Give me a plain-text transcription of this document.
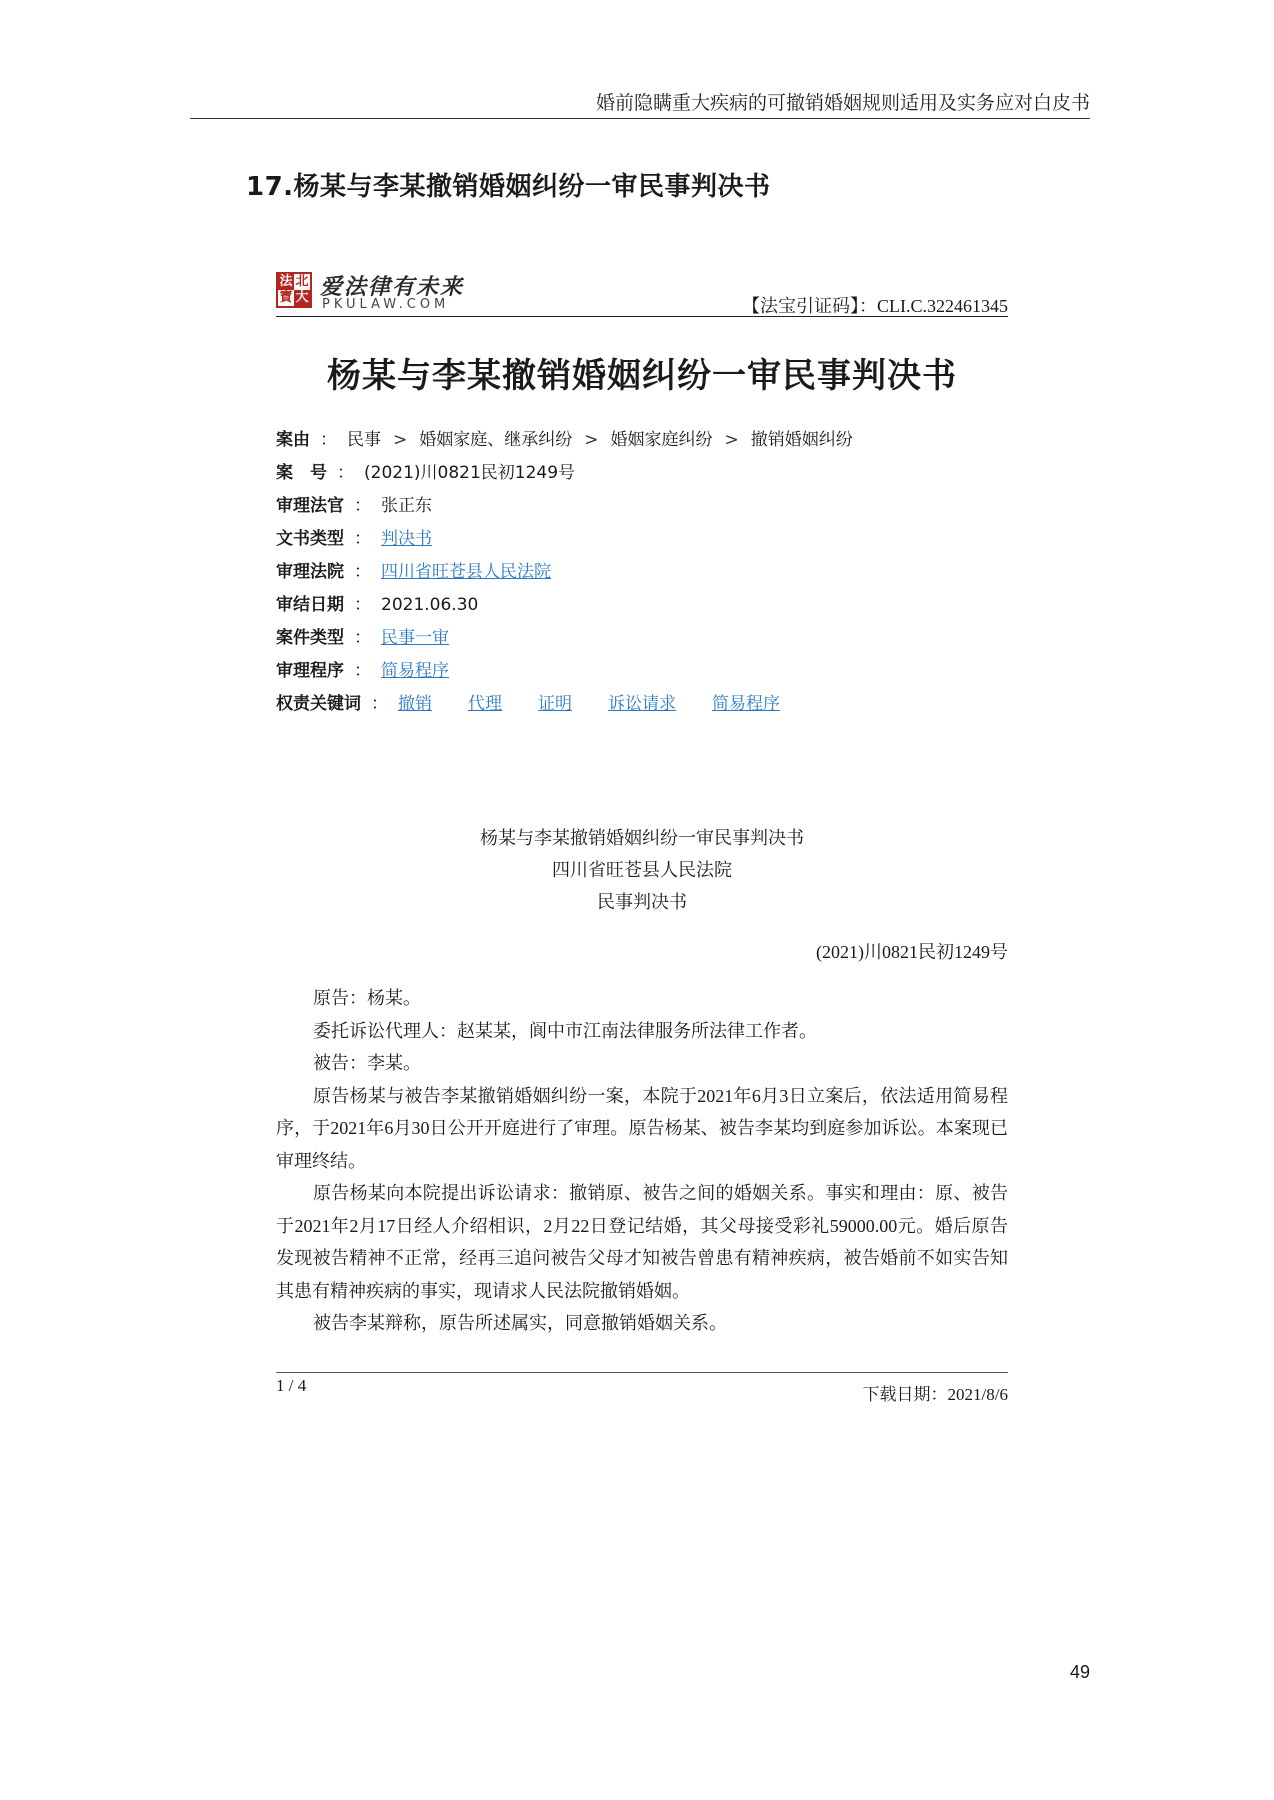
婚前隐瞒重大疾病的可撤销婚姻规则适用及实务应对白皮书
17.杨某与李某撤销婚姻纠纷一审民事判决书
法 北
寶 大 爱法律有未来
PKULAW.COM	【法宝引证码】：CLI.C.322461345
杨某与李某撤销婚姻纠纷一审民事判决书
案由 ： 民事 > 婚姻家庭、继承纠纷 > 婚姻家庭纠纷 > 撤销婚姻纠纷
案　号 ： (2021)川0821民初1249号
审理法官 ： 张正东
文书类型 ： 判决书
审理法院 ： 四川省旺苍县人民法院
审结日期 ： 2021.06.30
案件类型 ： 民事一审
审理程序 ： 简易程序
权责关键词 ： 撤销 代理 证明 诉讼请求 简易程序
杨某与李某撤销婚姻纠纷一审民事判决书
四川省旺苍县人民法院
民事判决书
(2021)川0821民初1249号

原告：杨某。

委托诉讼代理人：赵某某，阆中市江南法律服务所法律工作者。

被告：李某。

原告杨某与被告李某撤销婚姻纠纷一案，本院于2021年6月3日立案后，依法适用简易程序，于2021年6月30日公开开庭进行了审理。原告杨某、被告李某均到庭参加诉讼。本案现已审理终结。

原告杨某向本院提出诉讼请求：撤销原、被告之间的婚姻关系。事实和理由：原、被告于2021年2月17日经人介绍相识，2月22日登记结婚，其父母接受彩礼59000.00元。婚后原告发现被告精神不正常，经再三追问被告父母才知被告曾患有精神疾病，被告婚前不如实告知其患有精神疾病的事实，现请求人民法院撤销婚姻。

被告李某辩称，原告所述属实，同意撤销婚姻关系。

1 / 4	下载日期：2021/8/6
49
